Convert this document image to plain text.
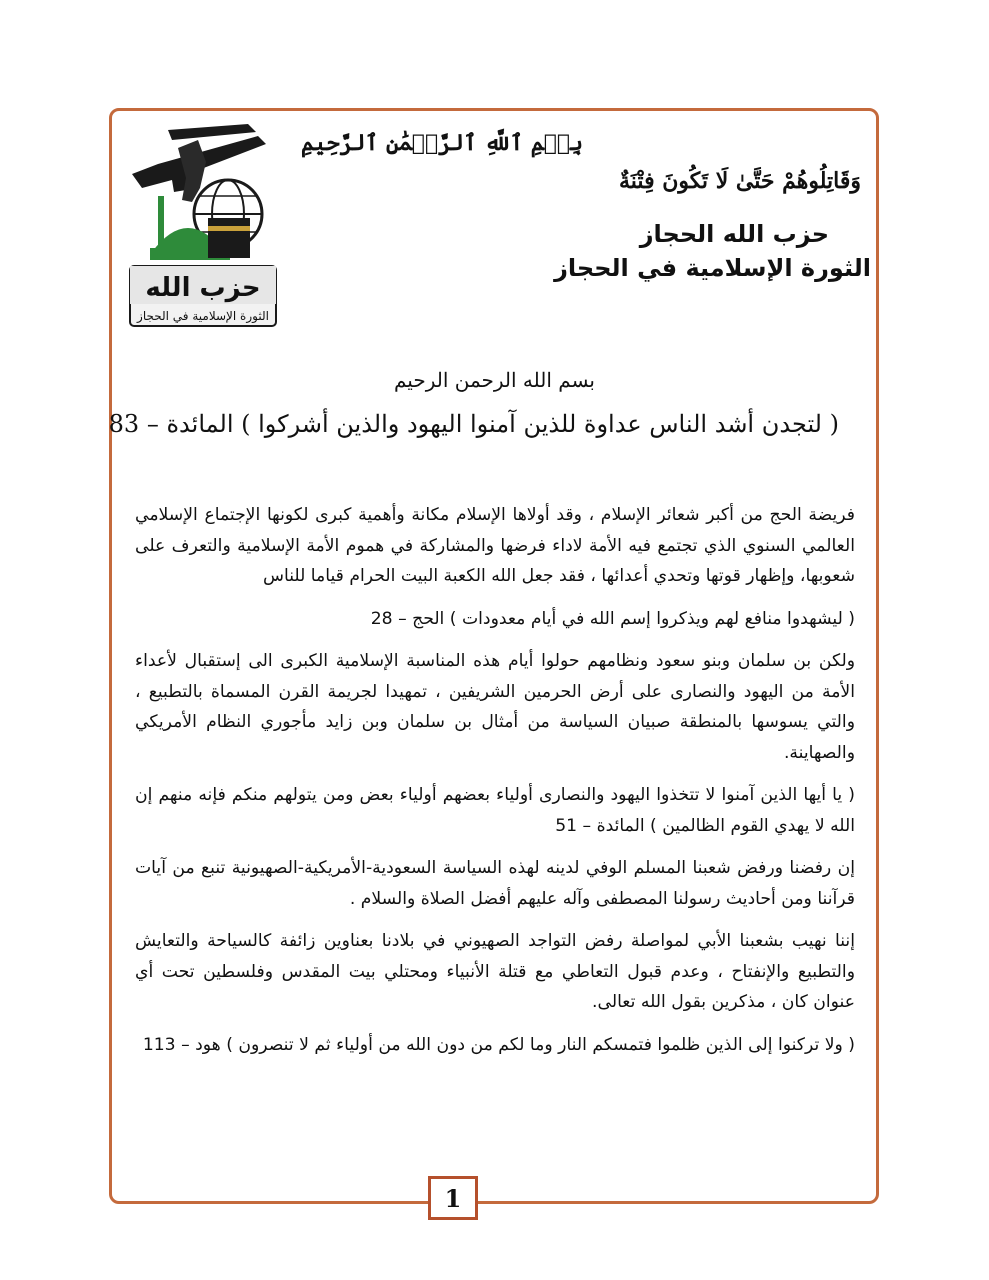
حزب الله
الثورة الإسلامية في الحجاز
بِسۡمِ ٱللَّهِ ٱلرَّحۡمَٰنِ ٱلرَّحِيمِ
وَقَاتِلُوهُمْ حَتَّىٰ لَا تَكُونَ فِتْنَةٌ
حزب الله الحجاز
الثورة الإسلامية في الحجاز
بسم الله الرحمن الرحيم
( لتجدن أشد الناس عداوة للذين آمنوا اليهود والذين أشركوا ) المائدة – 83

فريضة الحج من أكبر شعائر الإسلام ، وقد أولاها الإسلام مكانة وأهمية كبرى لكونها الإجتماع الإسلامي العالمي السنوي الذي تجتمع فيه الأمة لاداء فرضها والمشاركة في هموم الأمة الإسلامية والتعرف على شعوبها، وإظهار قوتها وتحدي أعدائها ، فقد جعل الله الكعبة البيت الحرام قياما للناس

( ليشهدوا منافع لهم ويذكروا إسم الله في أيام معدودات ) الحج – 28

ولكن بن سلمان وبنو سعود ونظامهم حولوا أيام هذه المناسبة الإسلامية الكبرى الى إستقبال لأعداء الأمة من اليهود والنصارى على أرض الحرمين الشريفين ، تمهيدا لجريمة القرن المسماة بالتطبيع ، والتي يسوسها بالمنطقة صبيان السياسة من أمثال بن سلمان وبن زايد مأجوري النظام الأمريكي والصهاينة.

( يا أيها الذين آمنوا لا تتخذوا اليهود والنصارى أولياء بعضهم أولياء بعض ومن يتولهم منكم فإنه منهم إن الله لا يهدي القوم الظالمين ) المائدة – 51

إن رفضنا ورفض شعبنا المسلم الوفي لدينه لهذه السياسة السعودية-الأمريكية-الصهيونية تنبع من آيات قرآننا ومن أحاديث رسولنا المصطفى وآله عليهم أفضل الصلاة والسلام .

إننا نهيب بشعبنا الأبي لمواصلة رفض التواجد الصهيوني في بلادنا بعناوين زائفة كالسياحة والتعايش والتطبيع والإنفتاح ، وعدم قبول التعاطي مع قتلة الأنبياء ومحتلي بيت المقدس وفلسطين تحت أي عنوان كان ، مذكرين بقول الله تعالى.

( ولا تركنوا إلى الذين ظلموا فتمسكم النار وما لكم من دون الله من أولياء ثم لا تنصرون ) هود – 113

1
